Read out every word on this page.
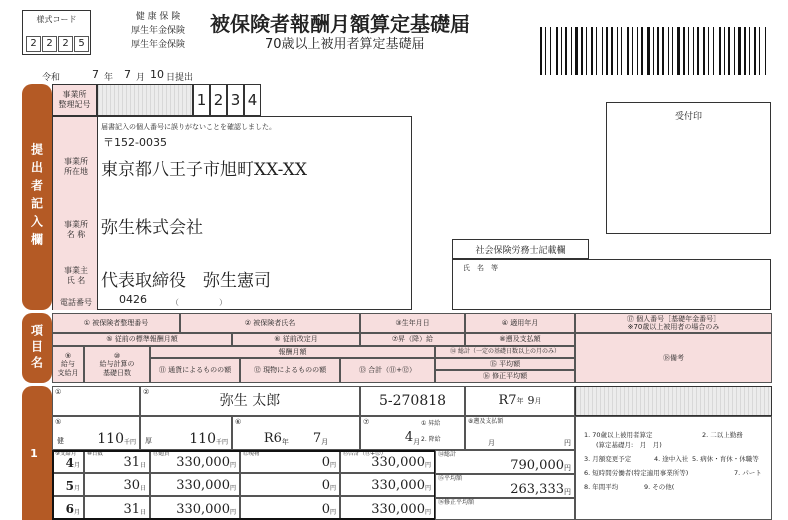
様式コード
2 2 2 5
健 康 保 険
厚生年金保険
厚生年金保険
被保険者報酬月額算定基礎届
70歳以上被用者算定基礎届
令和	7 年 7 月 10 日提出
提出者記入欄
事業所
整理記号	1 2 3 4
届書記入の個人番号に誤りがないことを確認しました。
事業所
所在地
〒152-0035
東京都八王子市旭町XX-XX
事業所
名 称 弥生株式会社
事業主
氏 名 代表取締役　弥生憲司
電話番号	0426	（　　　　　）
受付印
社会保険労務士記載欄
氏　名　等
項目名
① 被保険者整理番号	② 被保険者氏名	③生年月日	④ 適用年月
⑰ 個人番号［基礎年金番号］
※70歳以上被用者の場合のみ
⑤ 従前の標準報酬月額	⑥ 従前改定月	⑦昇（降）給	⑧遡及支払額
⑨
給与
支給月
⑩
給与計算の
基礎日数
報酬月額
⑪ 通貨によるものの額	⑫ 現物によるものの額	⑬ 合計（⑪+⑫）
⑭ 総計（一定の基礎日数以上の月のみ）
⑮ 平均額
⑯ 修正平均額
⑱備考
1
①
弥生 太郎
②
5-270818	R7 年 9 月
健
⑤
110 千円 厚	110 千円
⑥
R6 年 7 月
⑦
4 月
① 昇給
2. 降給
⑧遡及支払額
月	円
⑨支給月
4 月
⑩日数
31 日
⑪通貨
330,000 円
⑫現物
0 円
⑬合計（⑪+⑫）
330,000 円
5 月	30 日 330,000 円	0 円	330,000 円
6 月	31 日 330,000 円	0 円	330,000 円
⑭総計
790,000 円
⑮平均額
263,333 円
⑯修正平均額
1. 70歳以上被用者算定	2. 二以上勤務
(算定基礎月:　月　月)
3. 月額変更予定	4. 途中入社 5. 病休・育休・休職等
6. 短時間労働者(特定適用事業所等)	7. パート
8. 年間平均	9. その他(
